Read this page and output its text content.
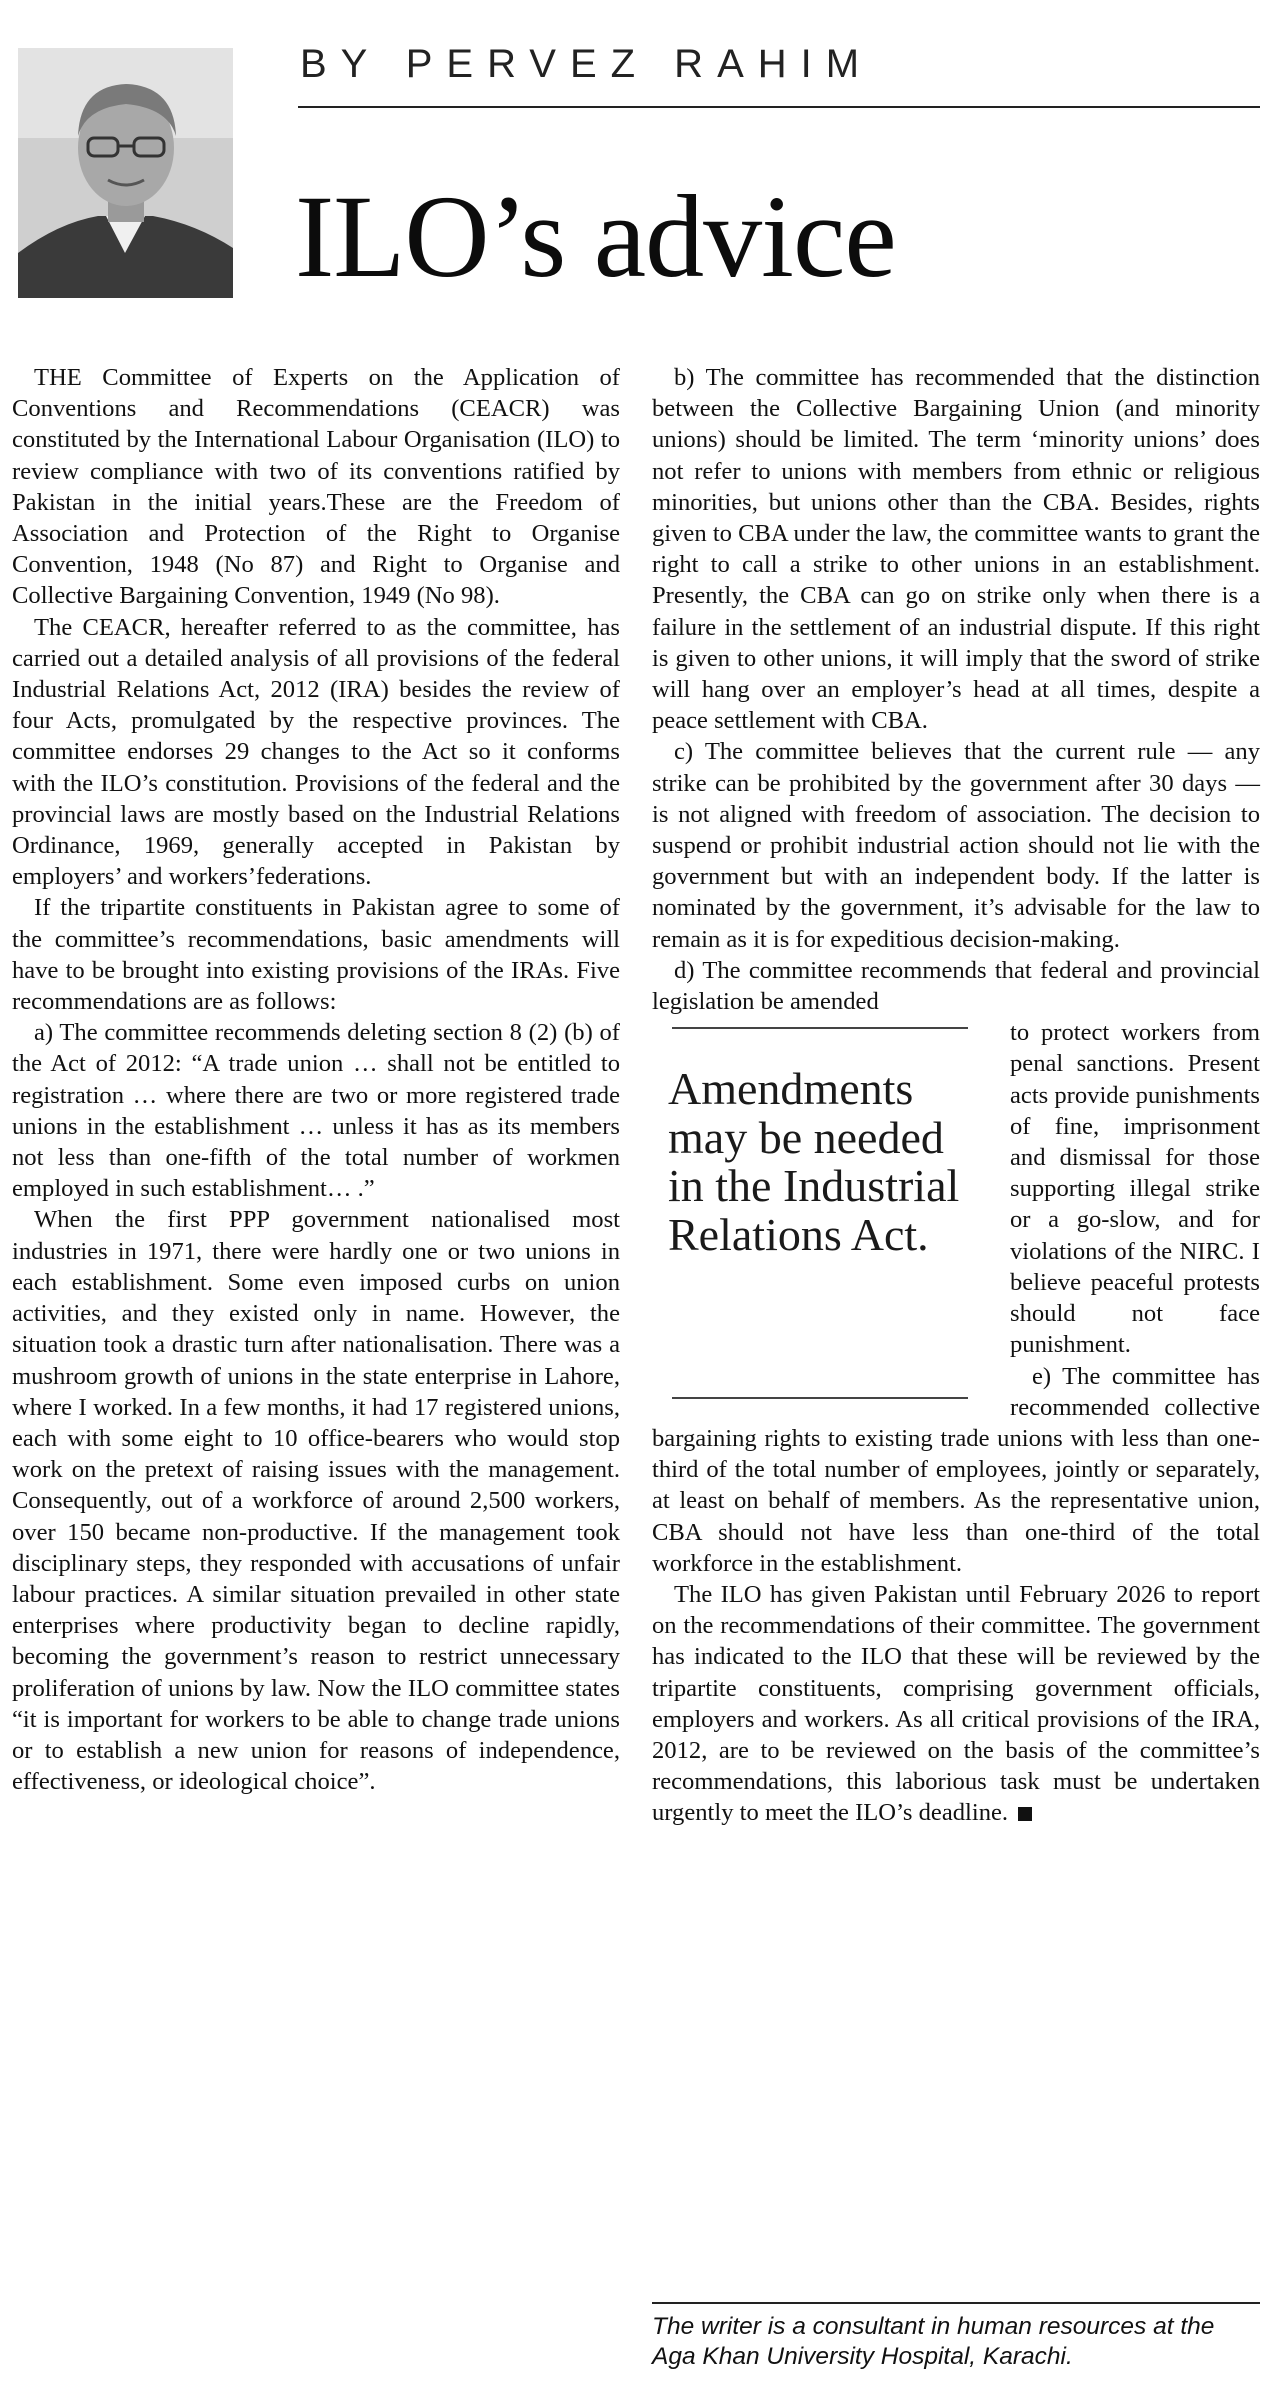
BY PERVEZ RAHIM
ILO’s advice

THE Committee of Experts on the Application of Conventions and Recommendations (CEACR) was constituted by the International Labour Organisation (ILO) to review compliance with two of its conventions ratified by Pakistan in the initial years.These are the Freedom of Association and Protection of the Right to Organise Convention, 1948 (No 87) and Right to Organise and Collective Bargaining Convention, 1949 (No 98).

The CEACR, hereafter referred to as the committee, has carried out a detailed analysis of all provisions of the federal Industrial Relations Act, 2012 (IRA) besides the review of four Acts, promulgated by the respective provinces. The committee endorses 29 changes to the Act so it conforms with the ILO’s constitution. Provisions of the federal and the provincial laws are mostly based on the Industrial Relations Ordinance, 1969, generally accepted in Pakistan by employers’ and workers’federations.

If the tripartite constituents in Pakistan agree to some of the committee’s recommendations, basic amendments will have to be brought into existing provisions of the IRAs. Five recommendations are as follows:

a) The committee recommends deleting section 8 (2) (b) of the Act of 2012: “A trade union … shall not be entitled to registration … where there are two or more registered trade unions in the establishment … unless it has as its members not less than one-fifth of the total number of workmen employed in such establishment… .”

When the first PPP government nationalised most industries in 1971, there were hardly one or two unions in each establishment. Some even imposed curbs on union activities, and they existed only in name. However, the situation took a drastic turn after nationalisation. There was a mushroom growth of unions in the state enterprise in Lahore, where I worked. In a few months, it had 17 registered unions, each with some eight to 10 office-bearers who would stop work on the pretext of raising issues with the management. Consequently, out of a workforce of around 2,500 workers, over 150 became non-productive. If the management took disciplinary steps, they responded with accusations of unfair labour practices. A similar situation prevailed in other state enterprises where productivity began to decline rapidly, becoming the government’s reason to restrict unnecessary proliferation of unions by law. Now the ILO committee states “it is important for workers to be able to change trade unions or to establish a new union for reasons of independence, effectiveness, or ideological choice”.

b) The committee has recommended that the distinction between the Collective Bargaining Union (and minority unions) should be limited. The term ‘minority unions’ does not refer to unions with members from ethnic or religious minorities, but unions other than the CBA. Besides, rights given to CBA under the law, the committee wants to grant the right to call a strike to other unions in an establishment. Presently, the CBA can go on strike only when there is a failure in the settlement of an industrial dispute. If this right is given to other unions, it will imply that the sword of strike will hang over an employer’s head at all times, despite a peace settlement with CBA.

c) The committee believes that the current rule — any strike can be prohibited by the government after 30 days — is not aligned with freedom of association. The decision to suspend or prohibit industrial action should not lie with the government but with an independent body. If the latter is nominated by the government, it’s advisable for the law to remain as it is for expeditious decision-making.

d) The committee recommends that federal and provincial legislation be amended

Amendments may be needed in the Industrial Relations Act.

to protect workers from penal sanctions. Present acts provide punishments of fine, imprisonment and dismissal for those supporting illegal strike or a go-slow, and for violations of the NIRC. I believe peaceful protests should not face punishment.

e) The committee has recommended collective bargaining rights to existing trade unions with less than one-third of the total number of employees, jointly or separately, at least on behalf of members. As the representative union, CBA should not have less than one-third of the total workforce in the establishment.

The ILO has given Pakistan until February 2026 to report on the recommendations of their committee. The government has indicated to the ILO that these will be reviewed by the tripartite constituents, comprising government officials, employers and workers. As all critical provisions of the IRA, 2012, are to be reviewed on the basis of the committee’s recommendations, this laborious task must be undertaken urgently to meet the ILO’s deadline.

The writer is a consultant in human resources at the Aga Khan University Hospital, Karachi.
